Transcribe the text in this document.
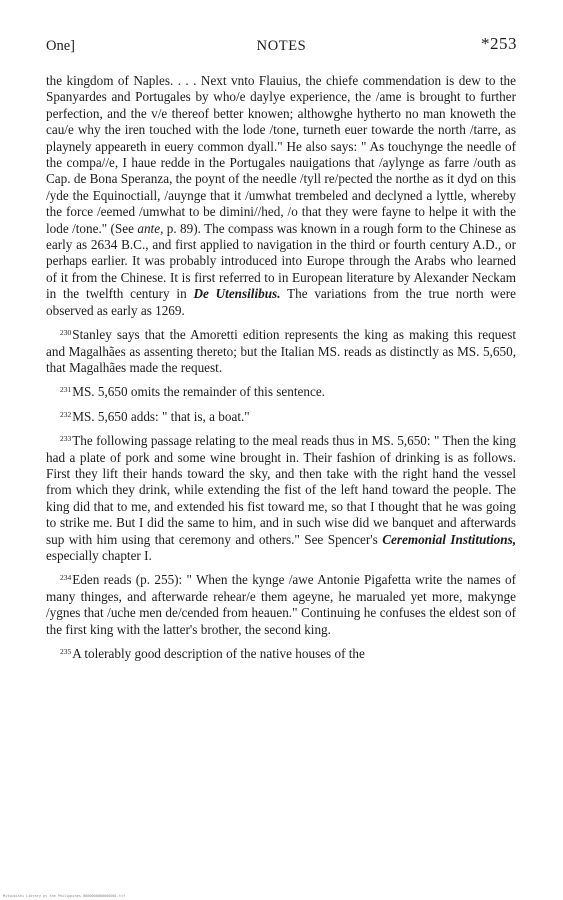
One]	NOTES	*253

the kingdom of Naples. . . . Next vnto Flauius, the chiefe commendation is dew to the Spanyardes and Portugales by who/e daylye experience, the /ame is brought to further perfection, and the v/e thereof better knowen; althowghe hytherto no man knoweth the cau/e why the iren touched with the lode /tone, turneth euer towarde the north /tarre, as playnely appeareth in euery common dyall." He also says: " As touchynge the needle of the compa//e, I haue redde in the Portugales nauigations that /aylynge as farre /outh as Cap. de Bona Speranza, the poynt of the needle /tyll re/pected the northe as it dyd on this /yde the Equinoctiall, /auynge that it /umwhat trembeled and declyned a lyttle, whereby the force /eemed /umwhat to be dimini//hed, /o that they were fayne to helpe it with the lode /tone." (See ante, p. 89). The compass was known in a rough form to the Chinese as early as 2634 B.C., and first applied to navigation in the third or fourth century A.D., or perhaps earlier. It was probably introduced into Europe through the Arabs who learned of it from the Chinese. It is first referred to in European literature by Alexander Neckam in the twelfth century in De Utensilibus. The variations from the true north were observed as early as 1269.

$^{230}$Stanley says that the Amoretti edition represents the king as making this request and Magalhães as assenting thereto; but the Italian MS. reads as distinctly as MS. 5,650, that Magalhães made the request.

$^{231}$MS. 5,650 omits the remainder of this sentence.

$^{232}$MS. 5,650 adds: " that is, a boat."

$^{233}$The following passage relating to the meal reads thus in MS. 5,650: " Then the king had a plate of pork and some wine brought in. Their fashion of drinking is as follows. First they lift their hands toward the sky, and then take with the right hand the vessel from which they drink, while extending the fist of the left hand toward the people. The king did that to me, and extended his fist toward me, so that I thought that he was going to strike me. But I did the same to him, and in such wise did we banquet and afterwards sup with him using that ceremony and others." See Spencer's Ceremonial Institutions, especially chapter I.

$^{234}$Eden reads (p. 255): " When the kynge /awe Antonie Pigafetta write the names of many thinges, and afterwarde rehear/e them ageyne, he marualed yet more, makynge /ygnes that /uche men de/cended from heauen." Continuing he confuses the eldest son of the first king with the latter's brother, the second king.

$^{235}$A tolerably good description of the native houses of the

Mitsubishi Library at the Philippines 0000000000000001.tif
